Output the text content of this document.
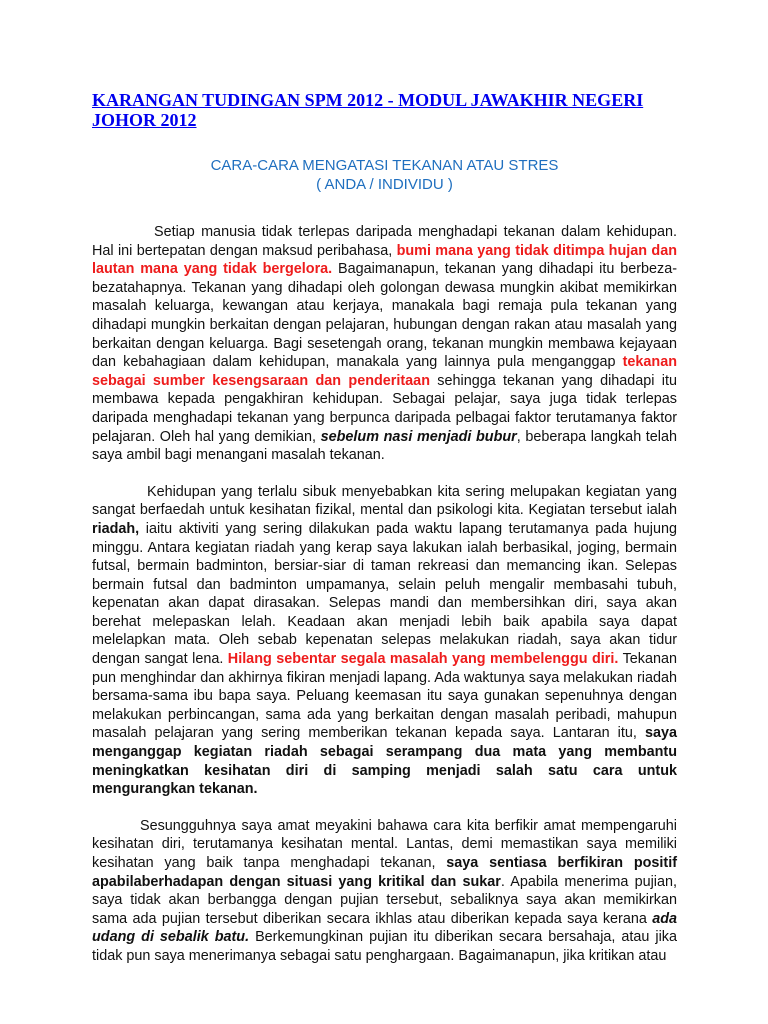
KARANGAN TUDINGAN SPM 2012 - MODUL JAWAKHIR NEGERI JOHOR 2012
CARA-CARA MENGATASI TEKANAN ATAU STRES
( ANDA / INDIVIDU )

Setiap manusia tidak terlepas daripada menghadapi tekanan dalam kehidupan. Hal ini bertepatan dengan maksud peribahasa, bumi mana yang tidak ditimpa hujan dan lautan mana yang tidak bergelora. Bagaimanapun, tekanan yang dihadapi itu berbeza-bezatahapnya. Tekanan yang dihadapi oleh golongan dewasa mungkin akibat memikirkan masalah keluarga, kewangan atau kerjaya, manakala bagi remaja pula tekanan yang dihadapi mungkin berkaitan dengan pelajaran, hubungan dengan rakan atau masalah yang berkaitan dengan keluarga. Bagi sesetengah orang, tekanan mungkin membawa kejayaan dan kebahagiaan dalam kehidupan, manakala yang lainnya pula menganggap tekanan sebagai sumber kesengsaraan dan penderitaan sehingga tekanan yang dihadapi itu membawa kepada pengakhiran kehidupan. Sebagai pelajar, saya juga tidak terlepas daripada menghadapi tekanan yang berpunca daripada pelbagai faktor terutamanya faktor pelajaran. Oleh hal yang demikian, sebelum nasi menjadi bubur, beberapa langkah telah saya ambil bagi menangani masalah tekanan.

Kehidupan yang terlalu sibuk menyebabkan kita sering melupakan kegiatan yang sangat berfaedah untuk kesihatan fizikal, mental dan psikologi kita. Kegiatan tersebut ialah riadah, iaitu aktiviti yang sering dilakukan pada waktu lapang terutamanya pada hujung minggu. Antara kegiatan riadah yang kerap saya lakukan ialah berbasikal, joging, bermain futsal, bermain badminton, bersiar-siar di taman rekreasi dan memancing ikan. Selepas bermain futsal dan badminton umpamanya, selain peluh mengalir membasahi tubuh, kepenatan akan dapat dirasakan. Selepas mandi dan membersihkan diri, saya akan berehat melepaskan lelah. Keadaan akan menjadi lebih baik apabila saya dapat melelapkan mata. Oleh sebab kepenatan selepas melakukan riadah, saya akan tidur dengan sangat lena. Hilang sebentar segala masalah yang membelenggu diri. Tekanan pun menghindar dan akhirnya fikiran menjadi lapang. Ada waktunya saya melakukan riadah bersama-sama ibu bapa saya. Peluang keemasan itu saya gunakan sepenuhnya dengan melakukan perbincangan, sama ada yang berkaitan dengan masalah peribadi, mahupun masalah pelajaran yang sering memberikan tekanan kepada saya. Lantaran itu, saya menganggap kegiatan riadah sebagai serampang dua mata yang membantu meningkatkan kesihatan diri di samping menjadi salah satu cara untuk mengurangkan tekanan.

Sesungguhnya saya amat meyakini bahawa cara kita berfikir amat mempengaruhi kesihatan diri, terutamanya kesihatan mental. Lantas, demi memastikan saya memiliki kesihatan yang baik tanpa menghadapi tekanan, saya sentiasa berfikiran positif apabilaberhadapan dengan situasi yang kritikal dan sukar. Apabila menerima pujian, saya tidak akan berbangga dengan pujian tersebut, sebaliknya saya akan memikirkan sama ada pujian tersebut diberikan secara ikhlas atau diberikan kepada saya kerana ada udang di sebalik batu. Berkemungkinan pujian itu diberikan secara bersahaja, atau jika tidak pun saya menerimanya sebagai satu penghargaan. Bagaimanapun, jika kritikan atau
